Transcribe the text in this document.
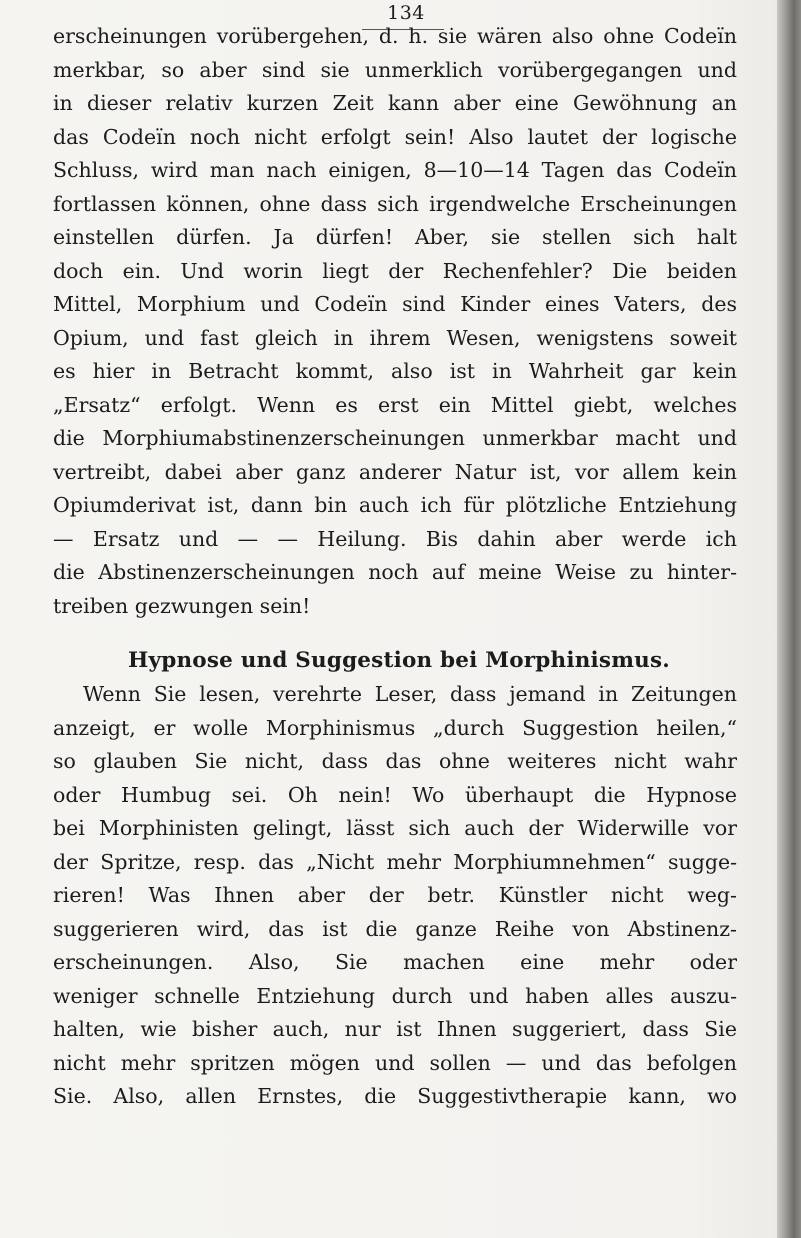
134
erscheinungen vorübergehen, d. h. sie wären also ohne Codeïn
merkbar, so aber sind sie unmerklich vorübergegangen und
in dieser relativ kurzen Zeit kann aber eine Gewöhnung an
das Codeïn noch nicht erfolgt sein! Also lautet der logische
Schluss, wird man nach einigen, 8—10—14 Tagen das Codeïn
fortlassen können, ohne dass sich irgendwelche Erscheinungen
einstellen dürfen. Ja dürfen! Aber, sie stellen sich halt
doch ein. Und worin liegt der Rechenfehler? Die beiden
Mittel, Morphium und Codeïn sind Kinder eines Vaters, des
Opium, und fast gleich in ihrem Wesen, wenigstens soweit
es hier in Betracht kommt, also ist in Wahrheit gar kein
„Ersatz“ erfolgt. Wenn es erst ein Mittel giebt, welches
die Morphiumabstinenzerscheinungen unmerkbar macht und
vertreibt, dabei aber ganz anderer Natur ist, vor allem kein
Opiumderivat ist, dann bin auch ich für plötzliche Entziehung
— Ersatz und — — Heilung. Bis dahin aber werde ich
die Abstinenzerscheinungen noch auf meine Weise zu hinter-
treiben gezwungen sein!
Hypnose und Suggestion bei Morphinismus.
Wenn Sie lesen, verehrte Leser, dass jemand in Zeitungen
anzeigt, er wolle Morphinismus „durch Suggestion heilen,“
so glauben Sie nicht, dass das ohne weiteres nicht wahr
oder Humbug sei. Oh nein! Wo überhaupt die Hypnose
bei Morphinisten gelingt, lässt sich auch der Widerwille vor
der Spritze, resp. das „Nicht mehr Morphiumnehmen“ sugge-
rieren! Was Ihnen aber der betr. Künstler nicht weg-
suggerieren wird, das ist die ganze Reihe von Abstinenz-
erscheinungen. Also, Sie machen eine mehr oder
weniger schnelle Entziehung durch und haben alles auszu-
halten, wie bisher auch, nur ist Ihnen suggeriert, dass Sie
nicht mehr spritzen mögen und sollen — und das befolgen
Sie. Also, allen Ernstes, die Suggestivtherapie kann, wo
